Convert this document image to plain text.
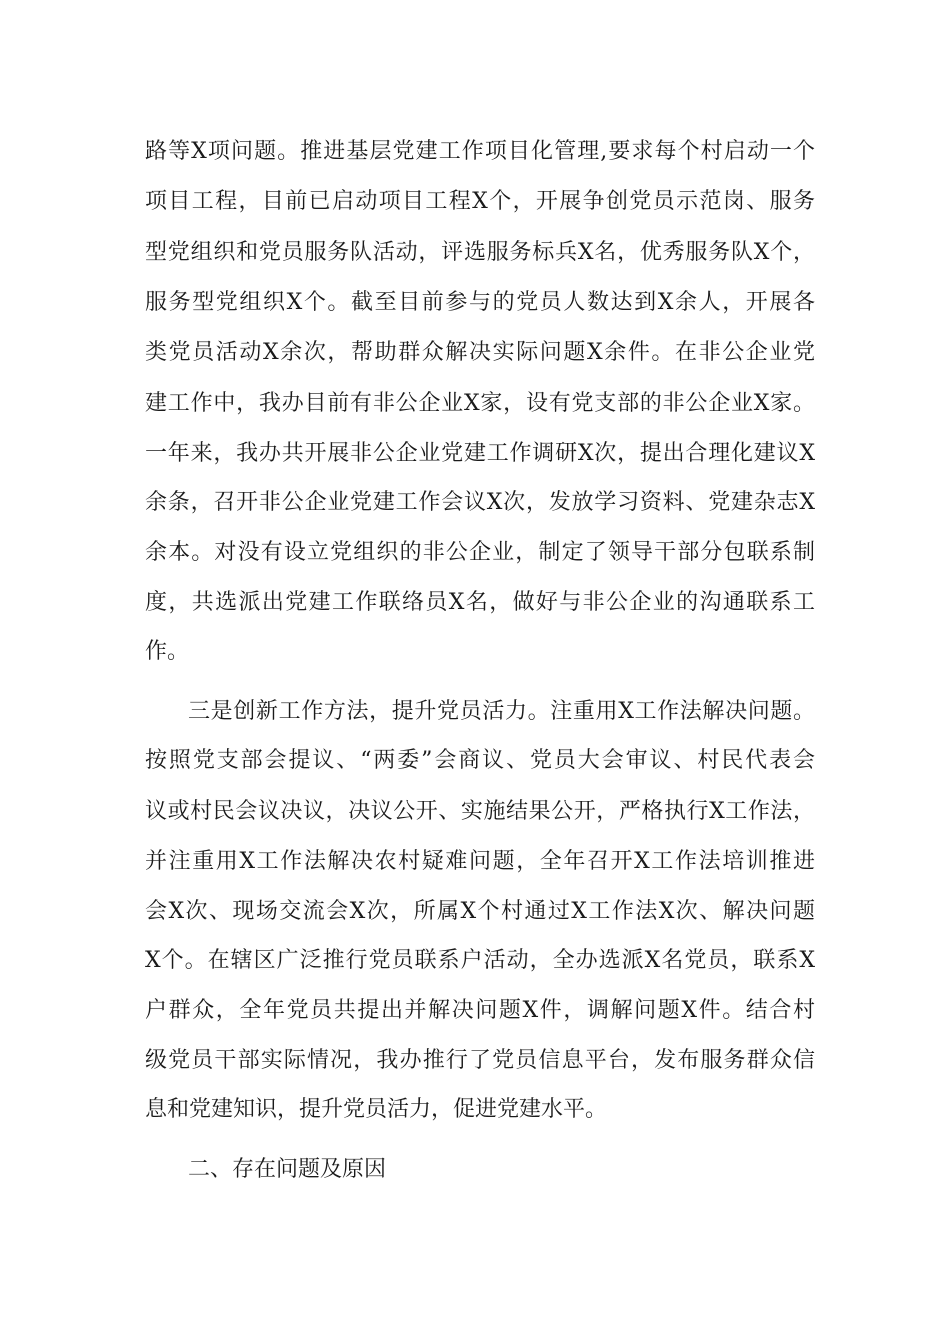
路等X项问题。推进基层党建工作项目化管理,要求每个村启动一个
项目工程，目前已启动项目工程X个，开展争创党员示范岗、服务
型党组织和党员服务队活动，评选服务标兵X名，优秀服务队X个，
服务型党组织X个。截至目前参与的党员人数达到X余人，开展各
类党员活动X余次，帮助群众解决实际问题X余件。在非公企业党
建工作中，我办目前有非公企业X家，设有党支部的非公企业X家。
一年来，我办共开展非公企业党建工作调研X次，提出合理化建议X
余条，召开非公企业党建工作会议X次，发放学习资料、党建杂志X
余本。对没有设立党组织的非公企业，制定了领导干部分包联系制
度，共选派出党建工作联络员X名，做好与非公企业的沟通联系工
作。
三是创新工作方法，提升党员活力。注重用X工作法解决问题。
按照党支部会提议、“两委”会商议、党员大会审议、村民代表会
议或村民会议决议，决议公开、实施结果公开，严格执行X工作法，
并注重用X工作法解决农村疑难问题，全年召开X工作法培训推进
会X次、现场交流会X次，所属X个村通过X工作法X次、解决问题
X个。在辖区广泛推行党员联系户活动，全办选派X名党员，联系X
户群众，全年党员共提出并解决问题X件，调解问题X件。结合村
级党员干部实际情况，我办推行了党员信息平台，发布服务群众信
息和党建知识，提升党员活力，促进党建水平。
二、存在问题及原因
